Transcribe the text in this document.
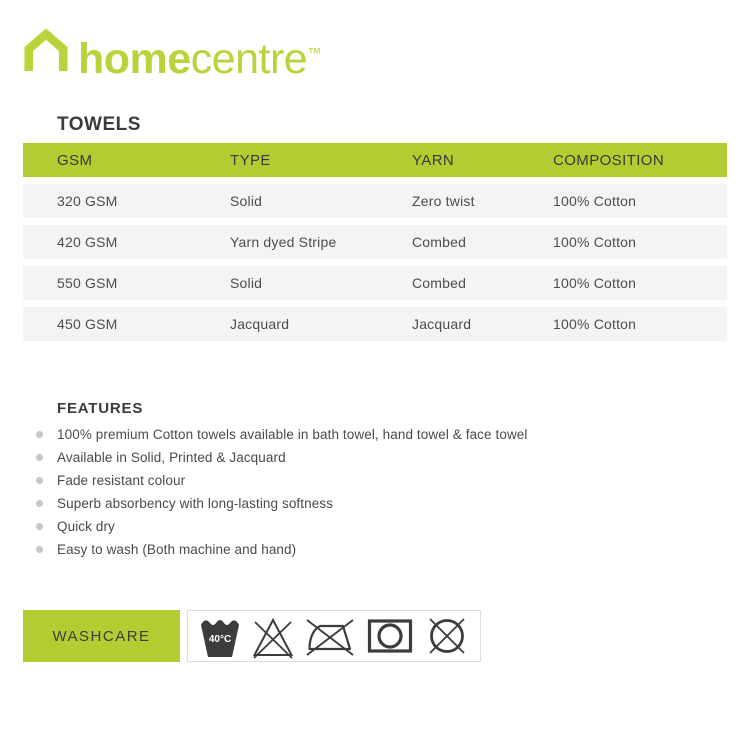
homecentre™
TOWELS
GSM	TYPE	YARN	COMPOSITION
320 GSM	Solid	Zero twist	100% Cotton
420 GSM	Yarn dyed Stripe	Combed	100% Cotton
550 GSM	Solid	Combed	100% Cotton
450 GSM	Jacquard	Jacquard	100% Cotton
FEATURES
100% premium Cotton towels available in bath towel, hand towel & face towel
Available in Solid, Printed & Jacquard
Fade resistant colour
Superb absorbency with long-lasting softness
Quick dry
Easy to wash (Both machine and hand)
WASHCARE	40°C
